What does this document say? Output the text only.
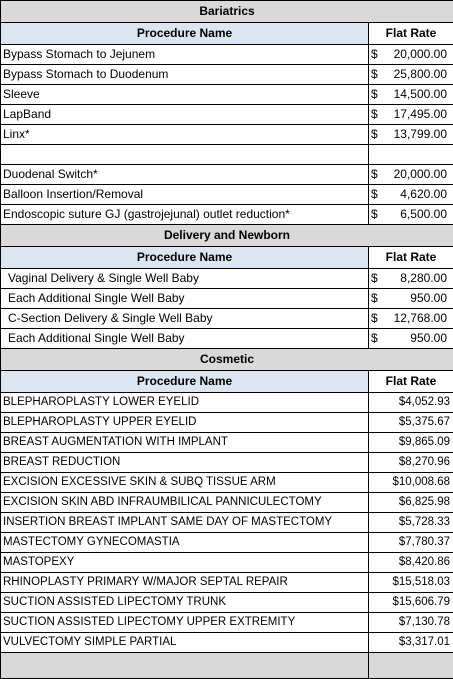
Bariatrics	
Procedure Name	Flat Rate
Bypass Stomach to Jejunem	$ 20,000.00

Bypass Stomach to Duodenum	$ 25,800.00

Sleeve	$ 14,500.00

LapBand	$ 17,495.00

Linx*	$ 13,799.00

Duodenal Switch*	$ 20,000.00

Balloon Insertion/Removal	$ 4,620.00

Endoscopic suture GJ (gastrojejunal) outlet reduction*	$ 6,500.00

Delivery and Newborn	
Procedure Name	Flat Rate
Vaginal Delivery & Single Well Baby	$ 8,280.00

Each Additional Single Well Baby	$ 950.00

C-Section Delivery & Single Well Baby	$ 12,768.00

Each Additional Single Well Baby	$ 950.00

Cosmetic	
Procedure Name	Flat Rate
BLEPHAROPLASTY LOWER EYELID	$4,052.93
BLEPHAROPLASTY UPPER EYELID	$5,375.67
BREAST AUGMENTATION WITH IMPLANT	$9,865.09
BREAST REDUCTION	$8,270.96
EXCISION EXCESSIVE SKIN & SUBQ TISSUE ARM	$10,008.68
EXCISION SKIN ABD INFRAUMBILICAL PANNICULECTOMY	$6,825.98
INSERTION BREAST IMPLANT SAME DAY OF MASTECTOMY	$5,728.33
MASTECTOMY GYNECOMASTIA	$7,780.37
MASTOPEXY	$8,420.86
RHINOPLASTY PRIMARY W/MAJOR SEPTAL REPAIR	$15,518.03
SUCTION ASSISTED LIPECTOMY TRUNK	$15,606.79
SUCTION ASSISTED LIPECTOMY UPPER EXTREMITY	$7,130.78
VULVECTOMY SIMPLE PARTIAL	$3,317.01
